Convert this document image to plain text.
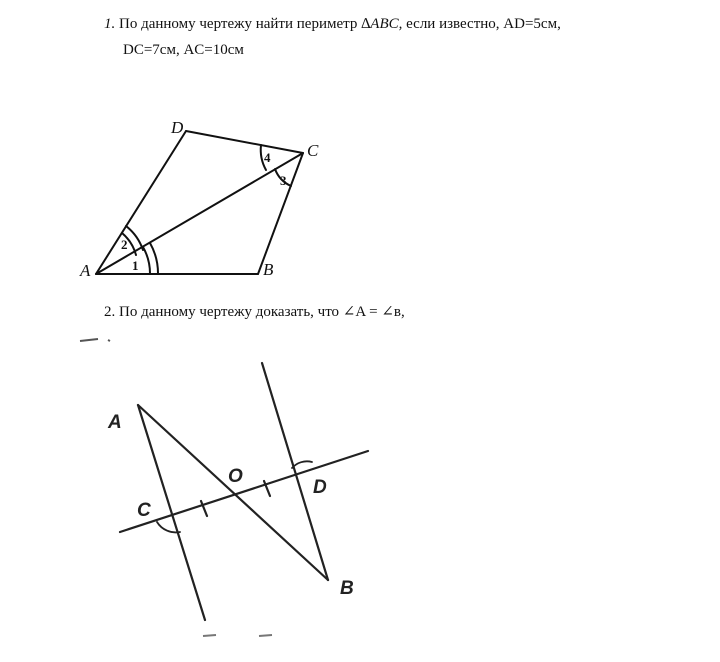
1. По данному чертежу найти периметр ∆ABC, если известно, AD=5см,
DC=7см, AC=10см
A	B
C
D
1
2
3
4
2. По данному чертежу доказать, что ∠A = ∠в,
A
B
C
D
O
